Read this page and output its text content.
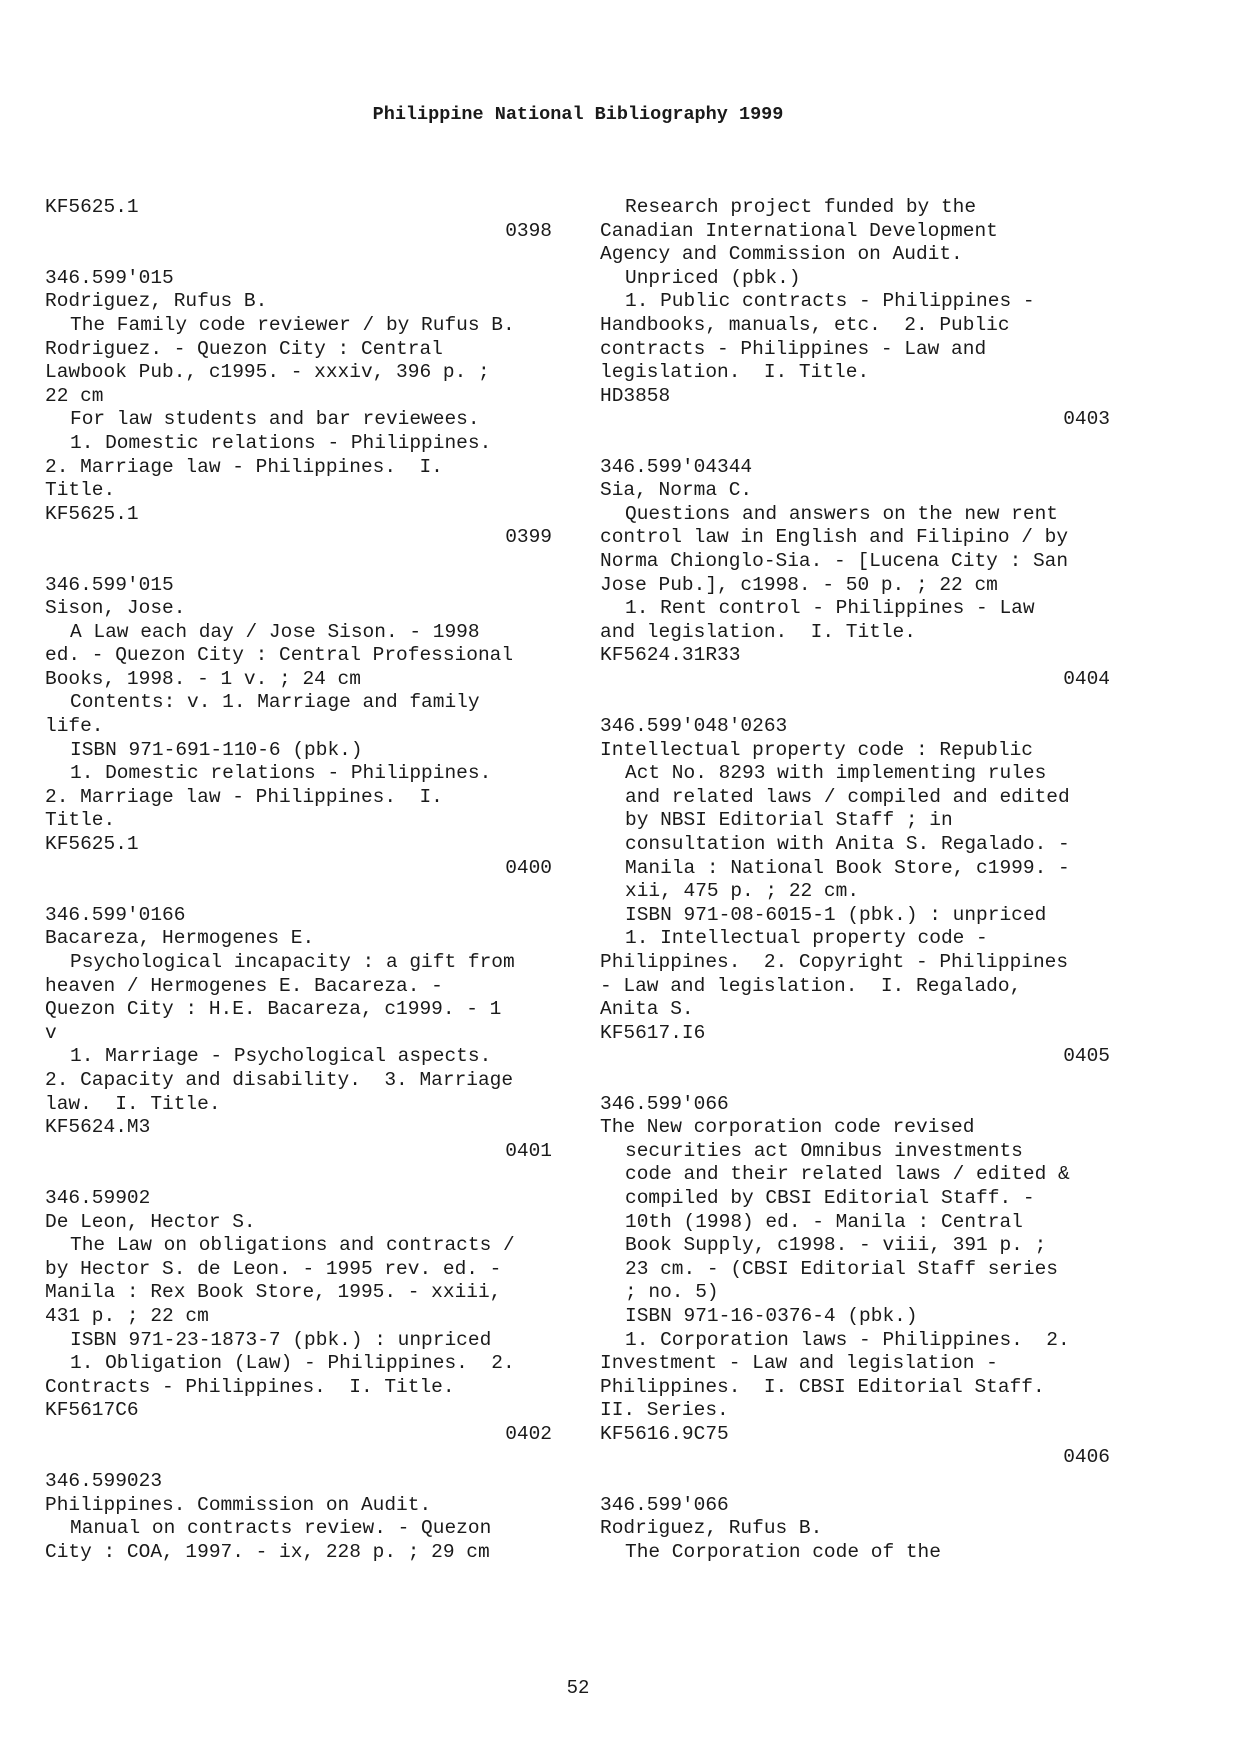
Philippine National Bibliography 1999
KF5625.1
0398
346.599'015
Rodriguez, Rufus B.
The Family code reviewer / by Rufus B.
Rodriguez. - Quezon City : Central
Lawbook Pub., c1995. - xxxiv, 396 p. ;
22 cm
For law students and bar reviewees.
1. Domestic relations - Philippines.
2. Marriage law - Philippines.  I.
Title.
KF5625.1
0399
346.599'015
Sison, Jose.
A Law each day / Jose Sison. - 1998
ed. - Quezon City : Central Professional
Books, 1998. - 1 v. ; 24 cm
Contents: v. 1. Marriage and family
life.
ISBN 971-691-110-6 (pbk.)
1. Domestic relations - Philippines.
2. Marriage law - Philippines.  I.
Title.
KF5625.1
0400
346.599'0166
Bacareza, Hermogenes E.
Psychological incapacity : a gift from
heaven / Hermogenes E. Bacareza. -
Quezon City : H.E. Bacareza, c1999. - 1
v
1. Marriage - Psychological aspects.
2. Capacity and disability.  3. Marriage
law.  I. Title.
KF5624.M3
0401
346.59902
De Leon, Hector S.
The Law on obligations and contracts /
by Hector S. de Leon. - 1995 rev. ed. -
Manila : Rex Book Store, 1995. - xxiii,
431 p. ; 22 cm
ISBN 971-23-1873-7 (pbk.) : unpriced
1. Obligation (Law) - Philippines.  2.
Contracts - Philippines.  I. Title.
KF5617C6
0402
346.599023
Philippines. Commission on Audit.
Manual on contracts review. - Quezon
City : COA, 1997. - ix, 228 p. ; 29 cm
Research project funded by the
Canadian International Development
Agency and Commission on Audit.
Unpriced (pbk.)
1. Public contracts - Philippines -
Handbooks, manuals, etc.  2. Public
contracts - Philippines - Law and
legislation.  I. Title.
HD3858
0403
346.599'04344
Sia, Norma C.
Questions and answers on the new rent
control law in English and Filipino / by
Norma Chionglo-Sia. - [Lucena City : San
Jose Pub.], c1998. - 50 p. ; 22 cm
1. Rent control - Philippines - Law
and legislation.  I. Title.
KF5624.31R33
0404
346.599'048'0263
Intellectual property code : Republic
Act No. 8293 with implementing rules
and related laws / compiled and edited
by NBSI Editorial Staff ; in
consultation with Anita S. Regalado. -
Manila : National Book Store, c1999. -
xii, 475 p. ; 22 cm.
ISBN 971-08-6015-1 (pbk.) : unpriced
1. Intellectual property code -
Philippines.  2. Copyright - Philippines
- Law and legislation.  I. Regalado,
Anita S.
KF5617.I6
0405
346.599'066
The New corporation code revised
securities act Omnibus investments
code and their related laws / edited &
compiled by CBSI Editorial Staff. -
10th (1998) ed. - Manila : Central
Book Supply, c1998. - viii, 391 p. ;
23 cm. - (CBSI Editorial Staff series
; no. 5)
ISBN 971-16-0376-4 (pbk.)
1. Corporation laws - Philippines.  2.
Investment - Law and legislation -
Philippines.  I. CBSI Editorial Staff.
II. Series.
KF5616.9C75
0406
346.599'066
Rodriguez, Rufus B.
The Corporation code of the
52
